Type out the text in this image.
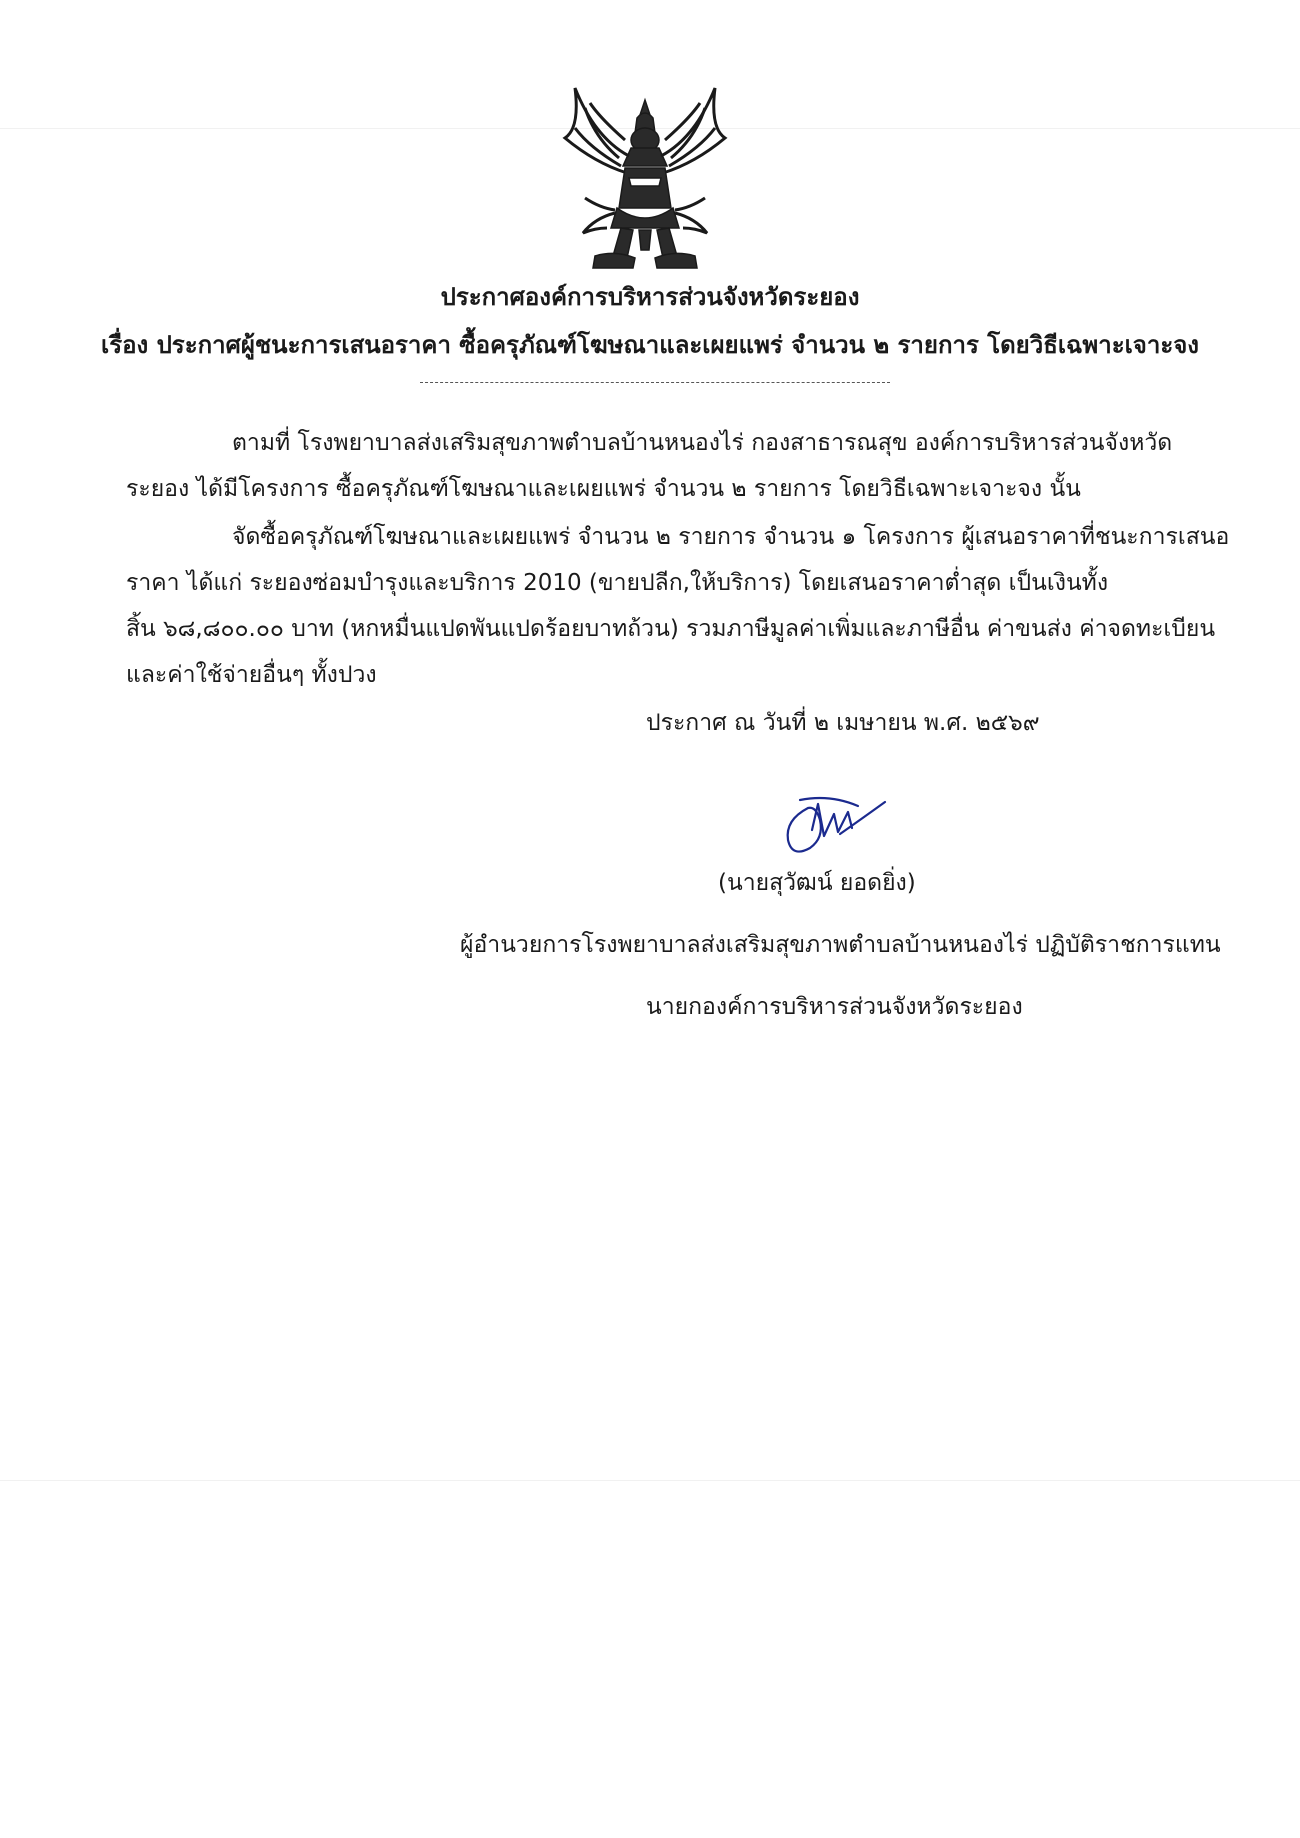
ประกาศองค์การบริหารส่วนจังหวัดระยอง
เรื่อง ประกาศผู้ชนะการเสนอราคา ซื้อครุภัณฑ์โฆษณาและเผยแพร่ จำนวน ๒ รายการ โดยวิธีเฉพาะเจาะจง
ตามที่ โรงพยาบาลส่งเสริมสุขภาพตำบลบ้านหนองไร่ กองสาธารณสุข องค์การบริหารส่วนจังหวัด
ระยอง ได้มีโครงการ ซื้อครุภัณฑ์โฆษณาและเผยแพร่ จำนวน ๒ รายการ โดยวิธีเฉพาะเจาะจง นั้น
จัดซื้อครุภัณฑ์โฆษณาและเผยแพร่ จำนวน ๒ รายการ จำนวน ๑ โครงการ ผู้เสนอราคาที่ชนะการเสนอ
ราคา ได้แก่ ระยองซ่อมบำรุงและบริการ 2010 (ขายปลีก,ให้บริการ) โดยเสนอราคาต่ำสุด เป็นเงินทั้ง
สิ้น ๖๘,๘๐๐.๐๐ บาท (หกหมื่นแปดพันแปดร้อยบาทถ้วน) รวมภาษีมูลค่าเพิ่มและภาษีอื่น ค่าขนส่ง ค่าจดทะเบียน
และค่าใช้จ่ายอื่นๆ ทั้งปวง
ประกาศ ณ วันที่ ๒ เมษายน พ.ศ. ๒๕๖๙
(นายสุวัฒน์ ยอดยิ่ง)
ผู้อำนวยการโรงพยาบาลส่งเสริมสุขภาพตำบลบ้านหนองไร่ ปฏิบัติราชการแทน
นายกองค์การบริหารส่วนจังหวัดระยอง
